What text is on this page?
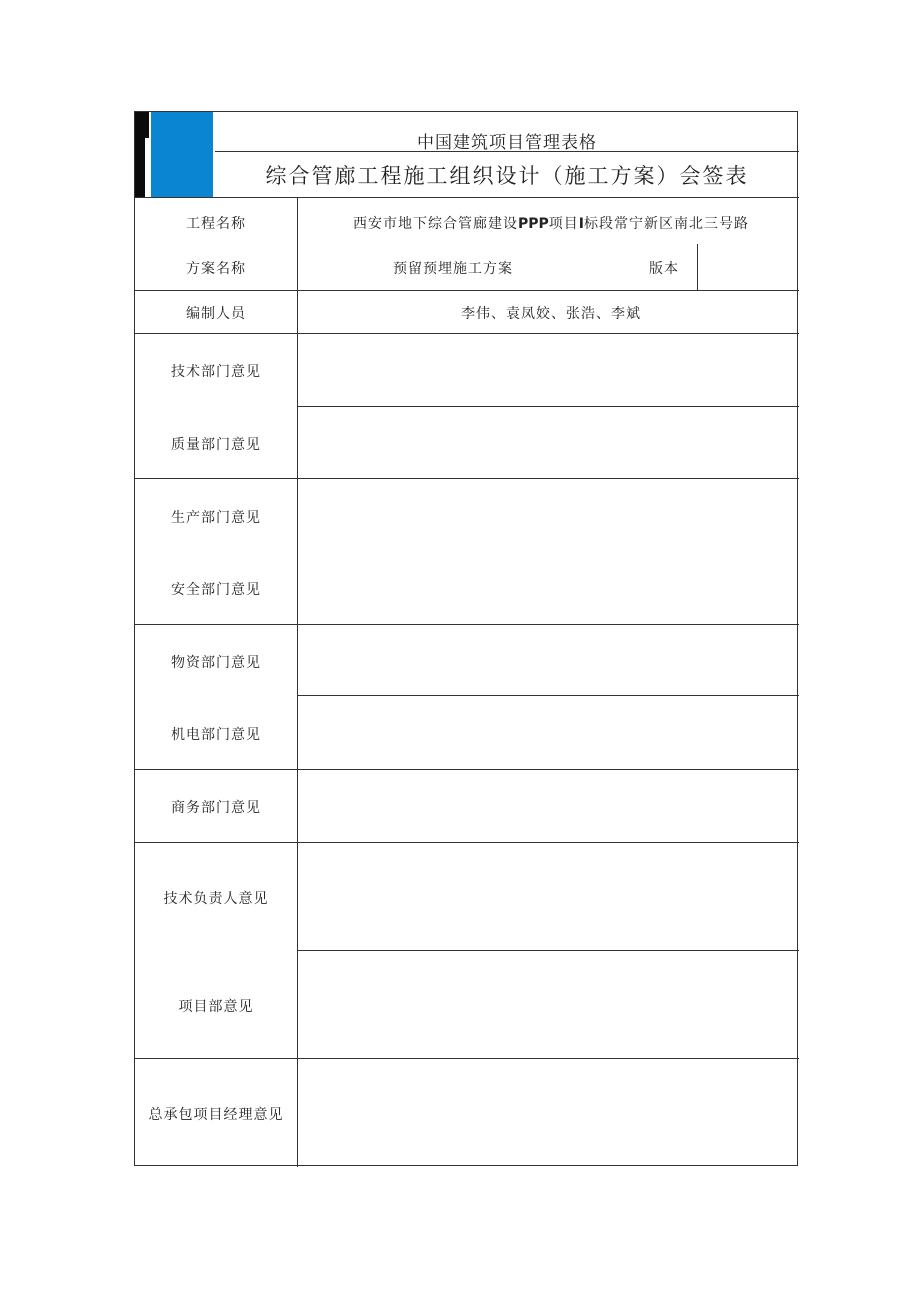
中国建筑项目管理表格
综合管廊工程施工组织设计（施工方案）会签表
工程名称	西安市地下综合管廊建设PPP项目I标段常宁新区南北三号路
方案名称	预留预埋施工方案	版本
编制人员	李伟、袁凤姣、张浩、李斌
技术部门意见
质量部门意见
生产部门意见
安全部门意见
物资部门意见
机电部门意见
商务部门意见
技术负责人意见
项目部意见
总承包项目经理意见
